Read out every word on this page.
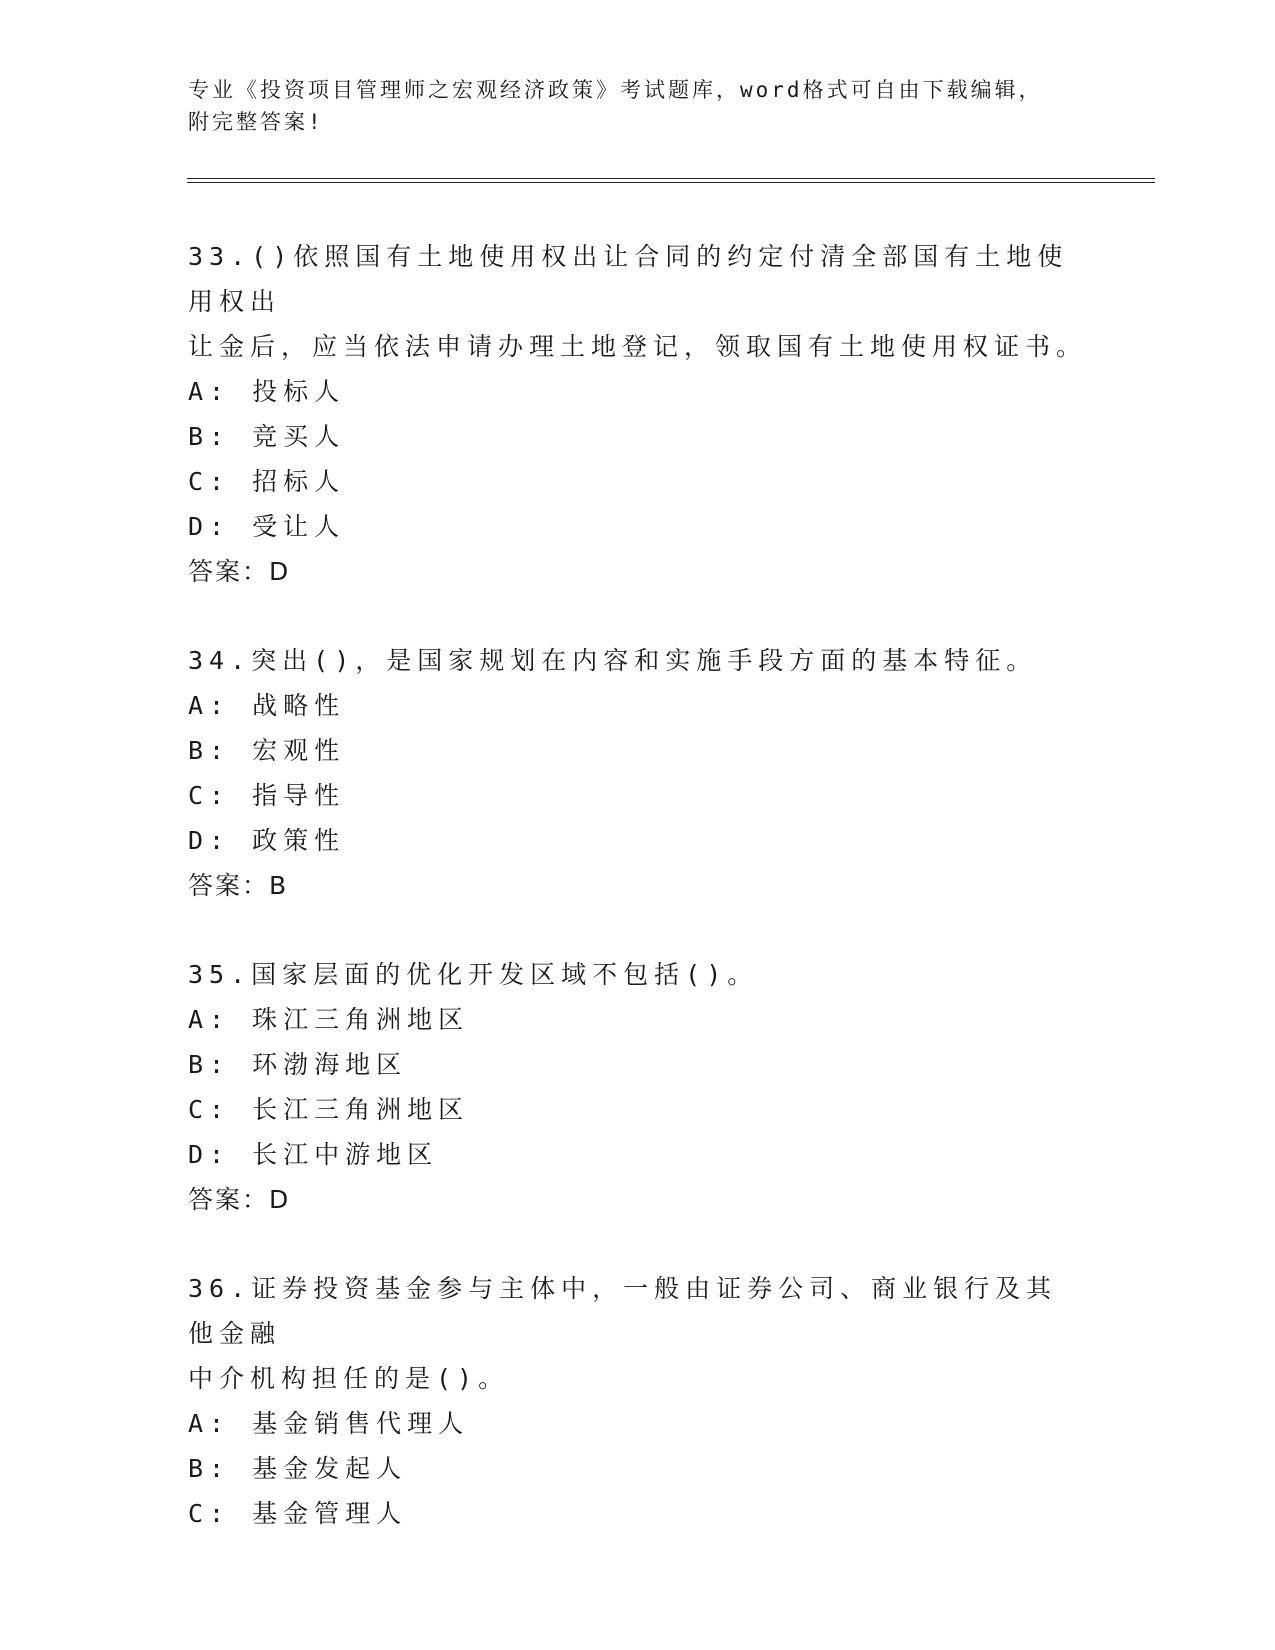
专业《投资项目管理师之宏观经济政策》考试题库，word格式可自由下载编辑，
附完整答案!

33.()依照国有土地使用权出让合同的约定付清全部国有土地使用权出

让金后，应当依法申请办理土地登记，领取国有土地使用权证书。

A: 投标人

B: 竞买人

C: 招标人

D: 受让人

答案：D

34.突出()，是国家规划在内容和实施手段方面的基本特征。

A: 战略性

B: 宏观性

C: 指导性

D: 政策性

答案：B

35.国家层面的优化开发区域不包括()。

A: 珠江三角洲地区

B: 环渤海地区

C: 长江三角洲地区

D: 长江中游地区

答案：D

36.证券投资基金参与主体中，一般由证券公司、商业银行及其他金融

中介机构担任的是()。

A: 基金销售代理人

B: 基金发起人

C: 基金管理人
